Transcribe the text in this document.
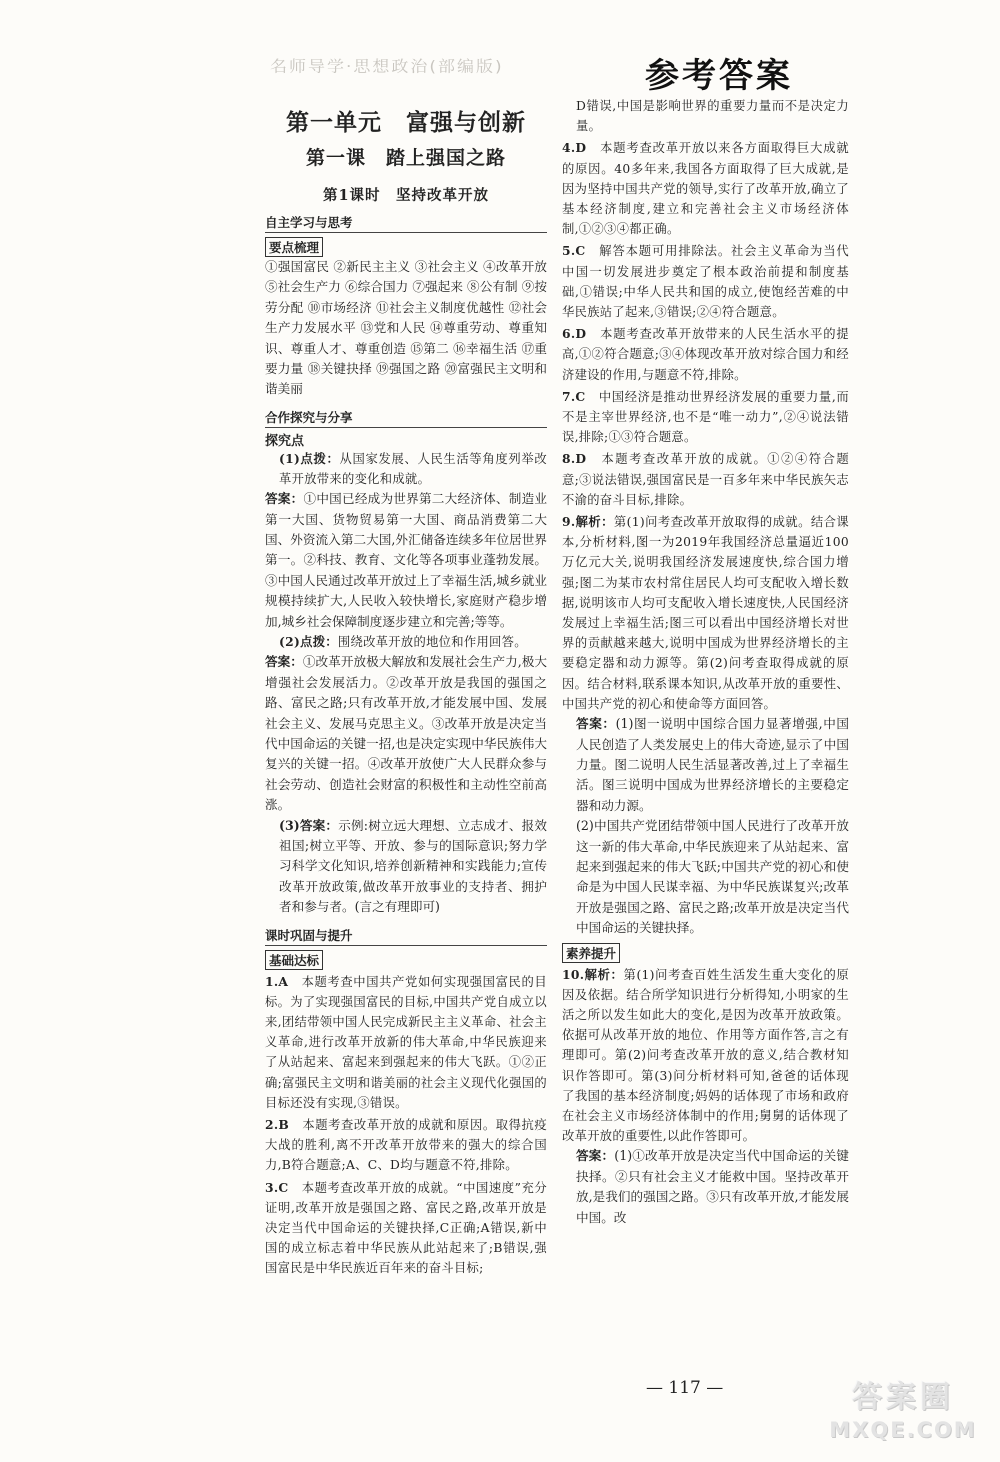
名师导学·思想政治(部编版)	参考答案
第一单元　富强与创新
第一课　踏上强国之路
第1课时　坚持改革开放
自主学习与思考
要点梳理

①强国富民 ②新民主主义 ③社会主义 ④改革开放 ⑤社会生产力 ⑥综合国力 ⑦强起来 ⑧公有制 ⑨按劳分配 ⑩市场经济 ⑪社会主义制度优越性 ⑫社会生产力发展水平 ⑬党和人民 ⑭尊重劳动、尊重知识、尊重人才、尊重创造 ⑮第二 ⑯幸福生活 ⑰重要力量 ⑱关键抉择 ⑲强国之路 ⑳富强民主文明和谐美丽

合作探究与分享
探究点

(1)点拨：从国家发展、人民生活等角度列举改革开放带来的变化和成就。

答案：①中国已经成为世界第二大经济体、制造业第一大国、货物贸易第一大国、商品消费第二大国、外资流入第二大国,外汇储备连续多年位居世界第一。②科技、教育、文化等各项事业蓬勃发展。③中国人民通过改革开放过上了幸福生活,城乡就业规模持续扩大,人民收入较快增长,家庭财产稳步增加,城乡社会保障制度逐步建立和完善;等等。

(2)点拨：围绕改革开放的地位和作用回答。

答案：①改革开放极大解放和发展社会生产力,极大增强社会发展活力。②改革开放是我国的强国之路、富民之路;只有改革开放,才能发展中国、发展社会主义、发展马克思主义。③改革开放是决定当代中国命运的关键一招,也是决定实现中华民族伟大复兴的关键一招。④改革开放使广大人民群众参与社会劳动、创造社会财富的积极性和主动性空前高涨。

(3)答案：示例:树立远大理想、立志成才、报效祖国;树立平等、开放、参与的国际意识;努力学习科学文化知识,培养创新精神和实践能力;宣传改革开放政策,做改革开放事业的支持者、拥护者和参与者。(言之有理即可)

课时巩固与提升
基础达标

1.A　 本题考查中国共产党如何实现强国富民的目标。为了实现强国富民的目标,中国共产党自成立以来,团结带领中国人民完成新民主主义革命、社会主义革命,进行改革开放新的伟大革命,中华民族迎来了从站起来、富起来到强起来的伟大飞跃。①②正确;富强民主文明和谐美丽的社会主义现代化强国的目标还没有实现,③错误。

2.B　 本题考查改革开放的成就和原因。取得抗疫大战的胜利,离不开改革开放带来的强大的综合国力,B符合题意;A、C、D均与题意不符,排除。

3.C　 本题考查改革开放的成就。“中国速度”充分证明,改革开放是强国之路、富民之路,改革开放是决定当代中国命运的关键抉择,C正确;A错误,新中国的成立标志着中华民族从此站起来了;B错误,强国富民是中华民族近百年来的奋斗目标;

D错误,中国是影响世界的重要力量而不是决定力量。

4.D　 本题考查改革开放以来各方面取得巨大成就的原因。40多年来,我国各方面取得了巨大成就,是因为坚持中国共产党的领导,实行了改革开放,确立了基本经济制度,建立和完善社会主义市场经济体制,①②③④都正确。

5.C　 解答本题可用排除法。社会主义革命为当代中国一切发展进步奠定了根本政治前提和制度基础,①错误;中华人民共和国的成立,使饱经苦难的中华民族站了起来,③错误;②④符合题意。

6.D　 本题考查改革开放带来的人民生活水平的提高,①②符合题意;③④体现改革开放对综合国力和经济建设的作用,与题意不符,排除。

7.C　 中国经济是推动世界经济发展的重要力量,而不是主宰世界经济,也不是“唯一动力”,②④说法错误,排除;①③符合题意。

8.D　 本题考查改革开放的成就。①②④符合题意;③说法错误,强国富民是一百多年来中华民族矢志不渝的奋斗目标,排除。

9.解析：第(1)问考查改革开放取得的成就。结合课本,分析材料,图一为2019年我国经济总量逼近100万亿元大关,说明我国经济发展速度快,综合国力增强;图二为某市农村常住居民人均可支配收入增长数据,说明该市人均可支配收入增长速度快,人民国经济发展过上幸福生活;图三可以看出中国经济增长对世界的贡献越来越大,说明中国成为世界经济增长的主要稳定器和动力源等。第(2)问考查取得成就的原因。结合材料,联系课本知识,从改革开放的重要性、中国共产党的初心和使命等方面回答。

答案：(1)图一说明中国综合国力显著增强,中国人民创造了人类发展史上的伟大奇迹,显示了中国力量。图二说明人民生活显著改善,过上了幸福生活。图三说明中国成为世界经济增长的主要稳定器和动力源。

(2)中国共产党团结带领中国人民进行了改革开放这一新的伟大革命,中华民族迎来了从站起来、富起来到强起来的伟大飞跃;中国共产党的初心和使命是为中国人民谋幸福、为中华民族谋复兴;改革开放是强国之路、富民之路;改革开放是决定当代中国命运的关键抉择。

素养提升

10.解析：第(1)问考查百姓生活发生重大变化的原因及依据。结合所学知识进行分析得知,小明家的生活之所以发生如此大的变化,是因为改革开放政策。依据可从改革开放的地位、作用等方面作答,言之有理即可。第(2)问考查改革开放的意义,结合教材知识作答即可。第(3)问分析材料可知,爸爸的话体现了我国的基本经济制度;妈妈的话体现了市场和政府在社会主义市场经济体制中的作用;舅舅的话体现了改革开放的重要性,以此作答即可。

答案：(1)①改革开放是决定当代中国命运的关键抉择。②只有社会主义才能救中国。坚持改革开放,是我们的强国之路。③只有改革开放,才能发展中国。改

— 117 —	答案圈
MXQE.COM
